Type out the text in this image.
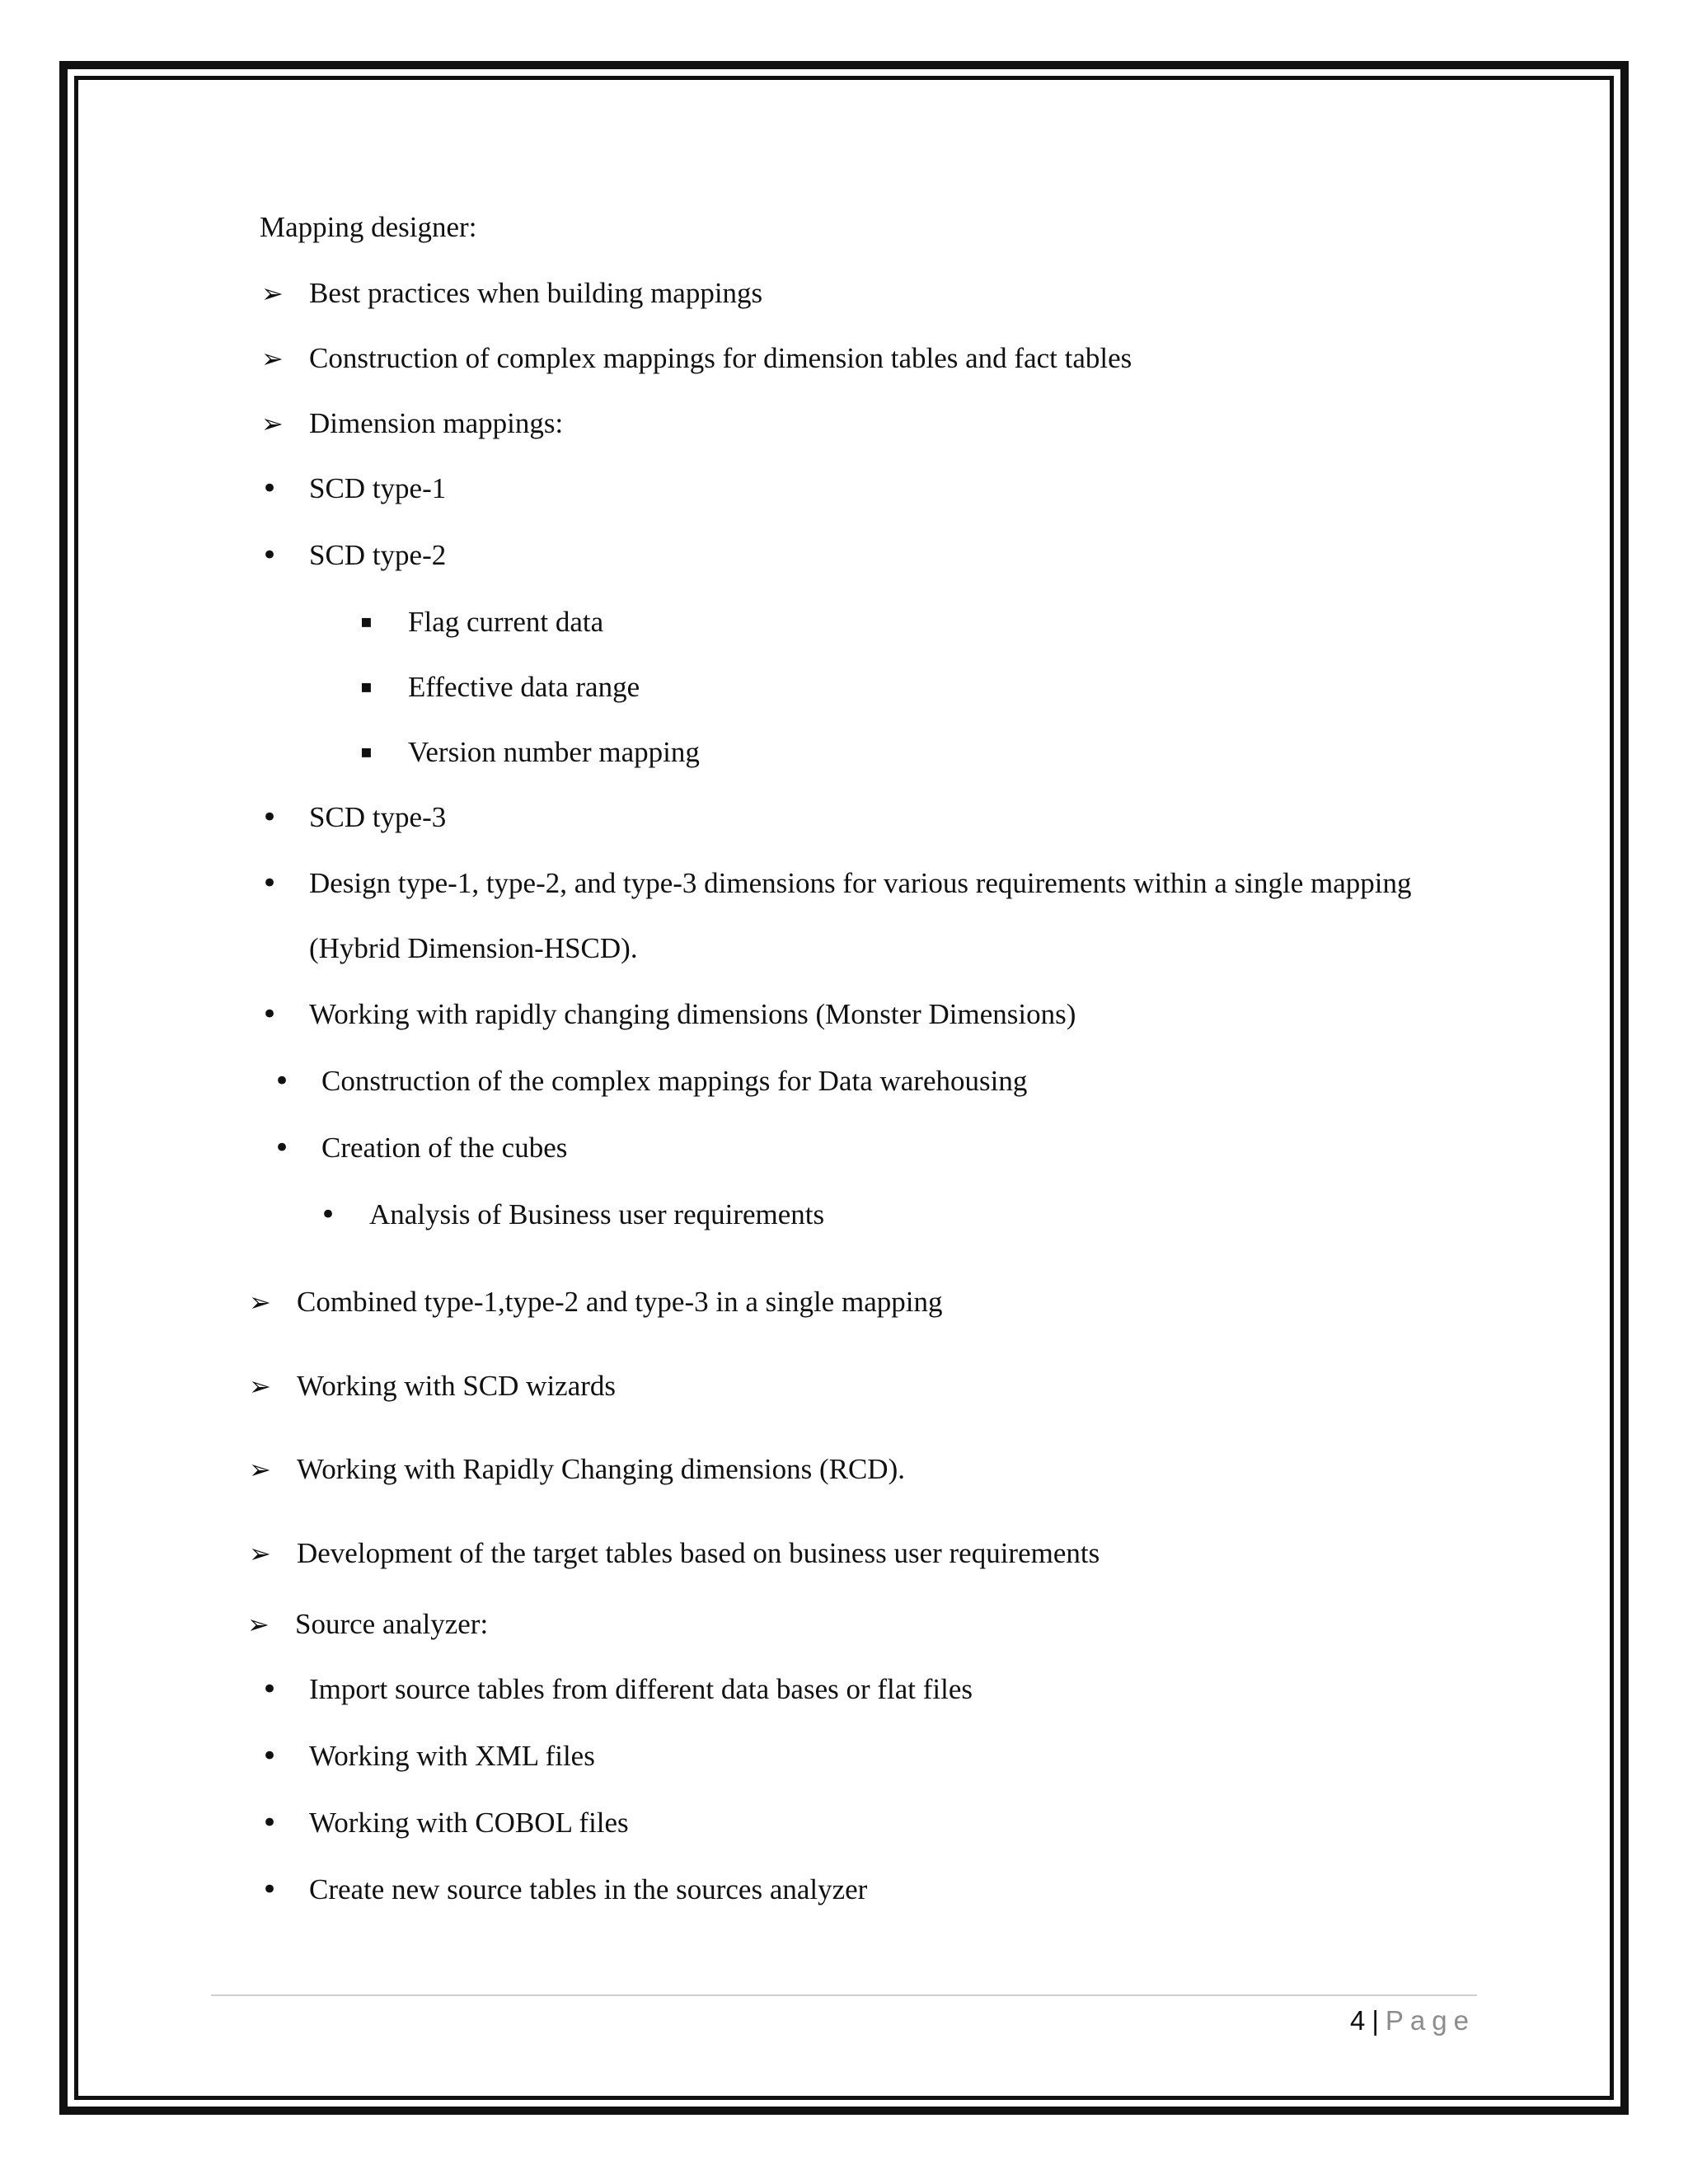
Mapping designer:
➢ Best practices when building mappings
➢ Construction of complex mappings for dimension tables and fact tables
➢ Dimension mappings:
• SCD type-1
• SCD type-2
▪ Flag current data
▪ Effective data range
▪ Version number mapping
• SCD type-3
• Design type-1, type-2, and type-3 dimensions for various requirements within a single mapping
(Hybrid Dimension-HSCD).
• Working with rapidly changing dimensions (Monster Dimensions)
• Construction of the complex mappings for Data warehousing
• Creation of the cubes
• Analysis of Business user requirements
➢ Combined type-1,type-2 and type-3 in a single mapping
➢ Working with SCD wizards
➢ Working with Rapidly Changing dimensions (RCD).
➢ Development of the target tables based on business user requirements
➢ Source analyzer:
• Import source tables from different data bases or flat files
• Working with XML files
• Working with COBOL files
• Create new source tables in the sources analyzer
4 | Page
